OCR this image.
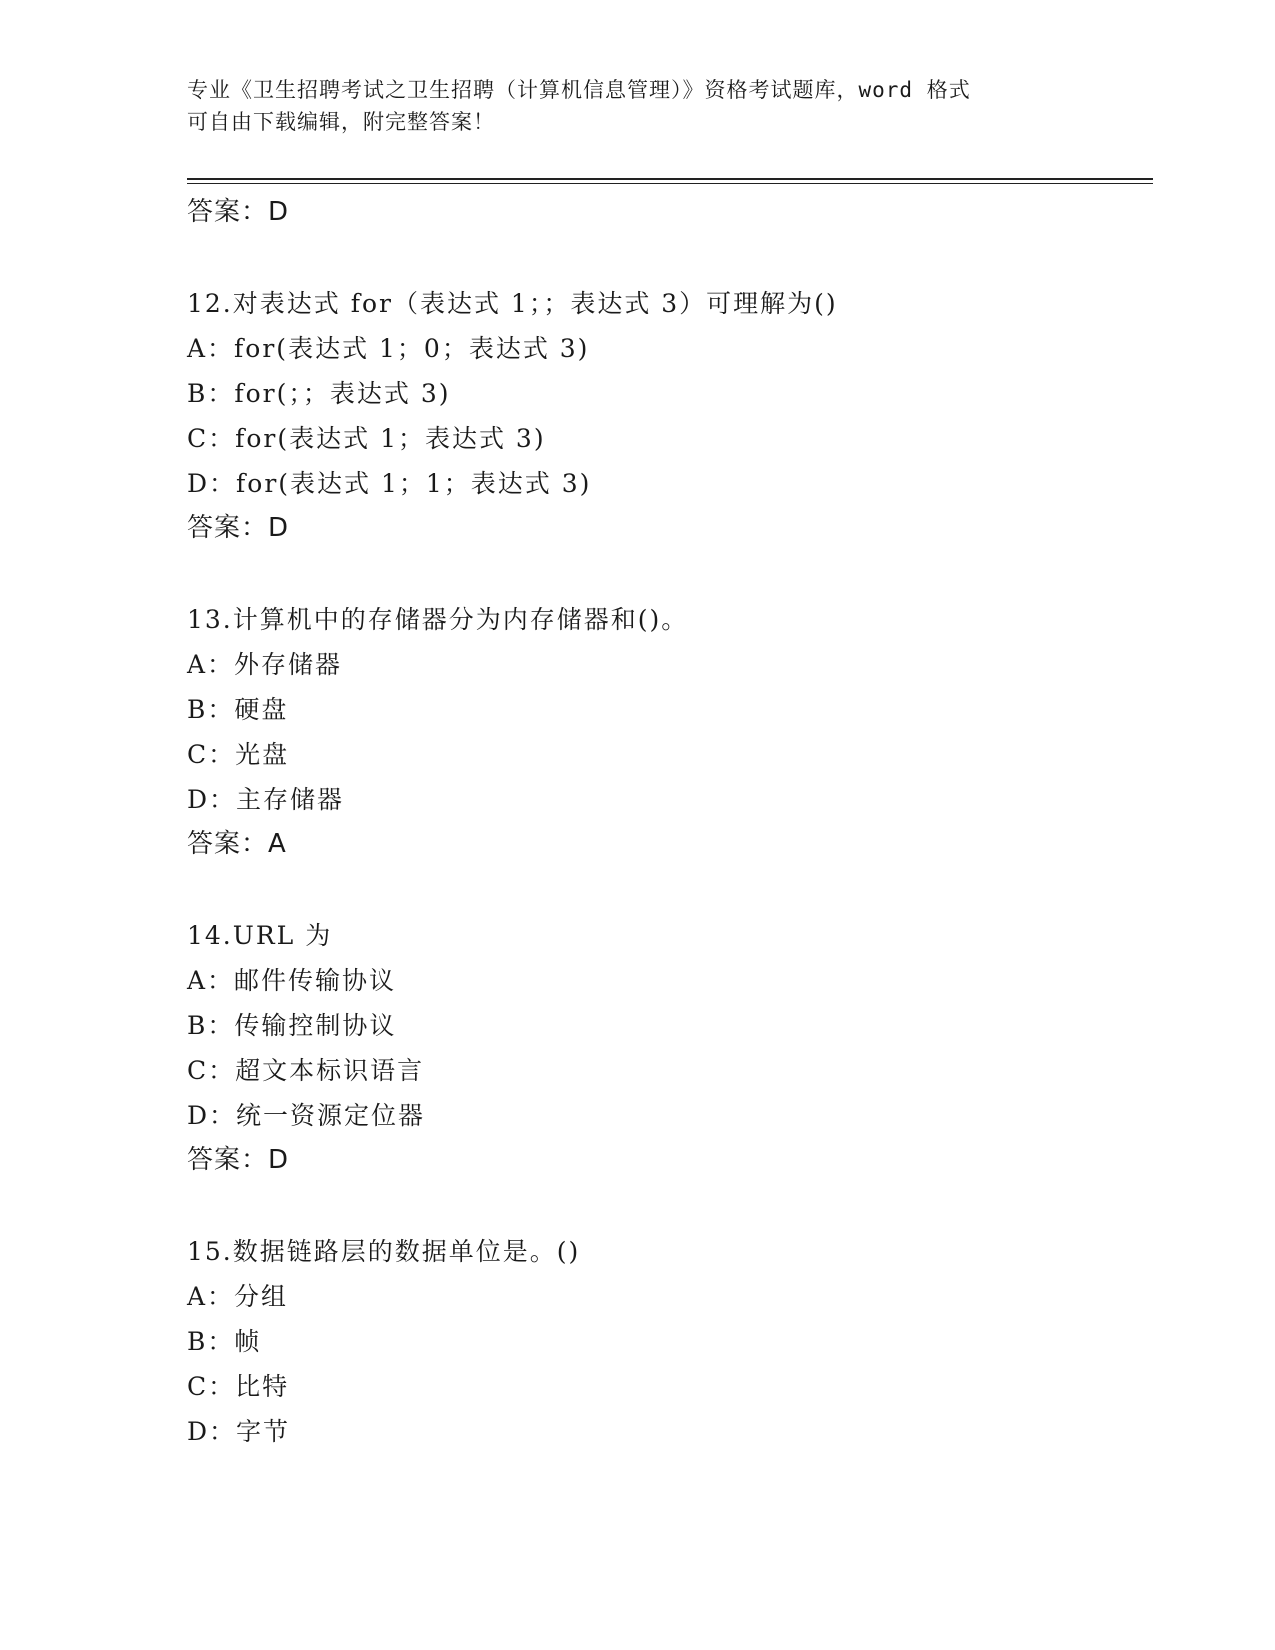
专业《卫生招聘考试之卫生招聘（计算机信息管理）》资格考试题库，word 格式
可自由下载编辑，附完整答案！
答案：D
12.对表达式 for（表达式 1；；表达式 3）可理解为()
A：for(表达式 1；0；表达式 3)
B：for(；；表达式 3)
C：for(表达式 1；表达式 3)
D：for(表达式 1；1；表达式 3)
答案：D
13.计算机中的存储器分为内存储器和()。
A：外存储器
B：硬盘
C：光盘
D：主存储器
答案：A
14.URL 为
A：邮件传输协议
B：传输控制协议
C：超文本标识语言
D：统一资源定位器
答案：D
15.数据链路层的数据单位是。()
A：分组
B：帧
C：比特
D：字节
